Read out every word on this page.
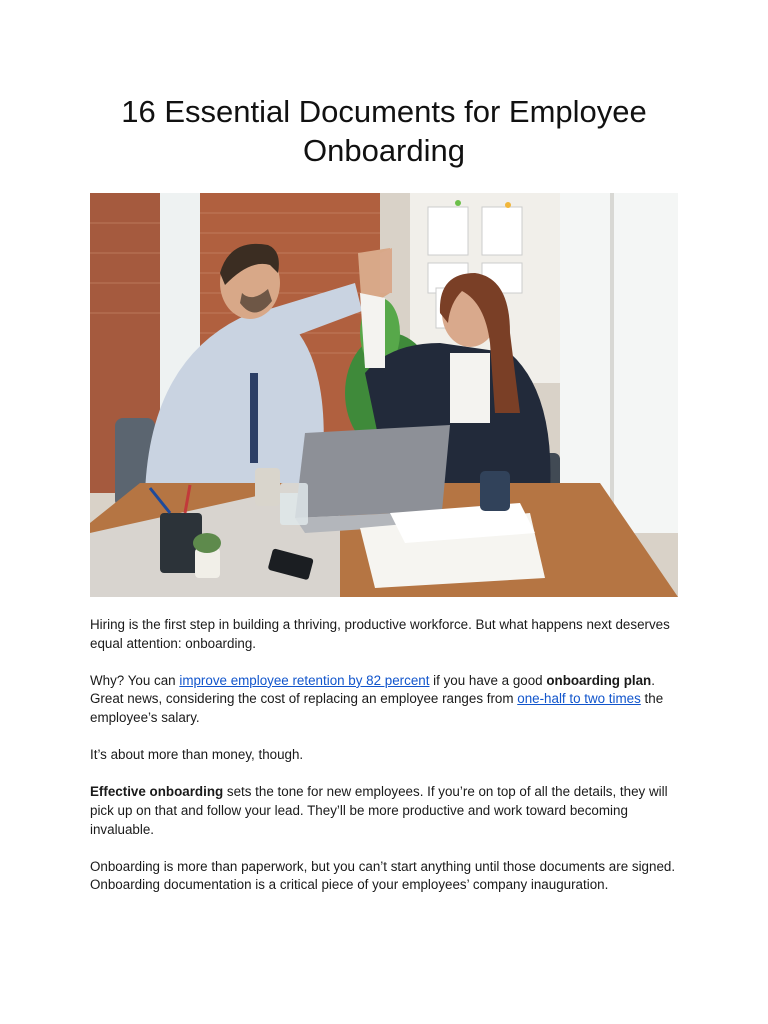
16 Essential Documents for Employee Onboarding

Hiring is the first step in building a thriving, productive workforce. But what happens next deserves equal attention: onboarding.

Why? You can improve employee retention by 82 percent if you have a good onboarding plan. Great news, considering the cost of replacing an employee ranges from one-half to two times the employee’s salary.

It’s about more than money, though.

Effective onboarding sets the tone for new employees. If you’re on top of all the details, they will pick up on that and follow your lead. They’ll be more productive and work toward becoming invaluable.

Onboarding is more than paperwork, but you can’t start anything until those documents are signed. Onboarding documentation is a critical piece of your employees’ company inauguration.
